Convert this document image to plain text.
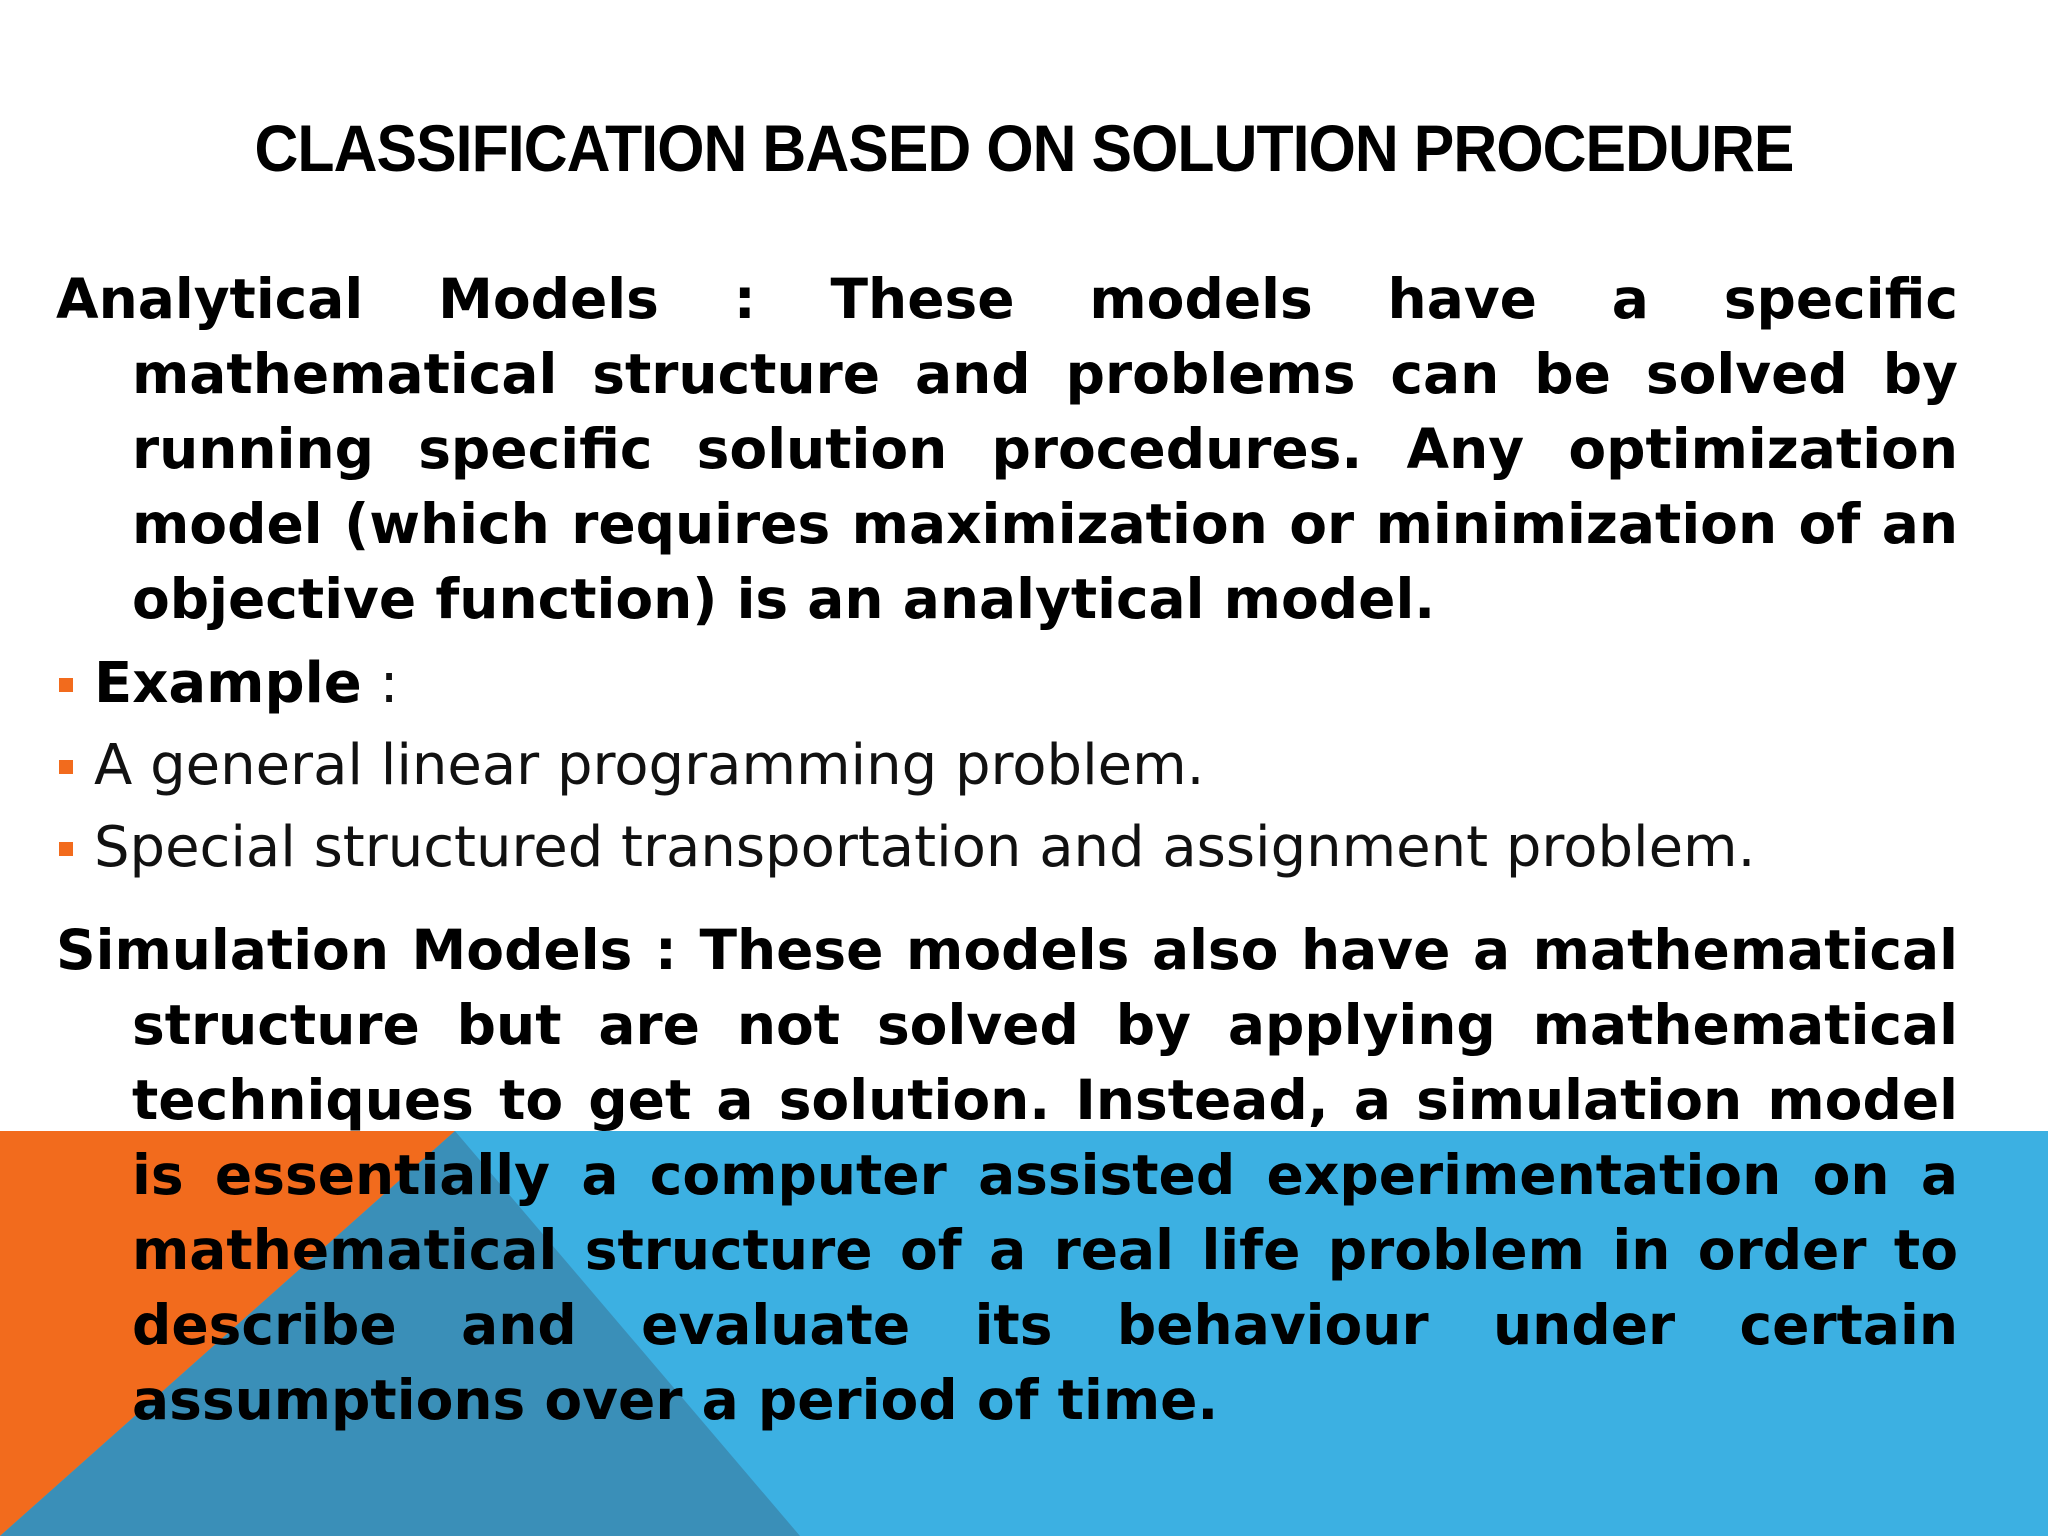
CLASSIFICATION BASED ON SOLUTION PROCEDURE

Analytical Models : These models have a specific mathematical structure and problems can be solved by running specific solution procedures. Any optimization model (which requires maximization or minimization of an objective function) is an analytical model.

Example :
A general linear programming problem.
Special structured transportation and assignment problem.

Simulation Models : These models also have a mathematical structure but are not solved by applying mathematical techniques to get a solution. Instead, a simulation model is essentially a computer assisted experimentation on a mathematical structure of a real life problem in order to describe and evaluate its behaviour under certain assumptions over a period of time.
